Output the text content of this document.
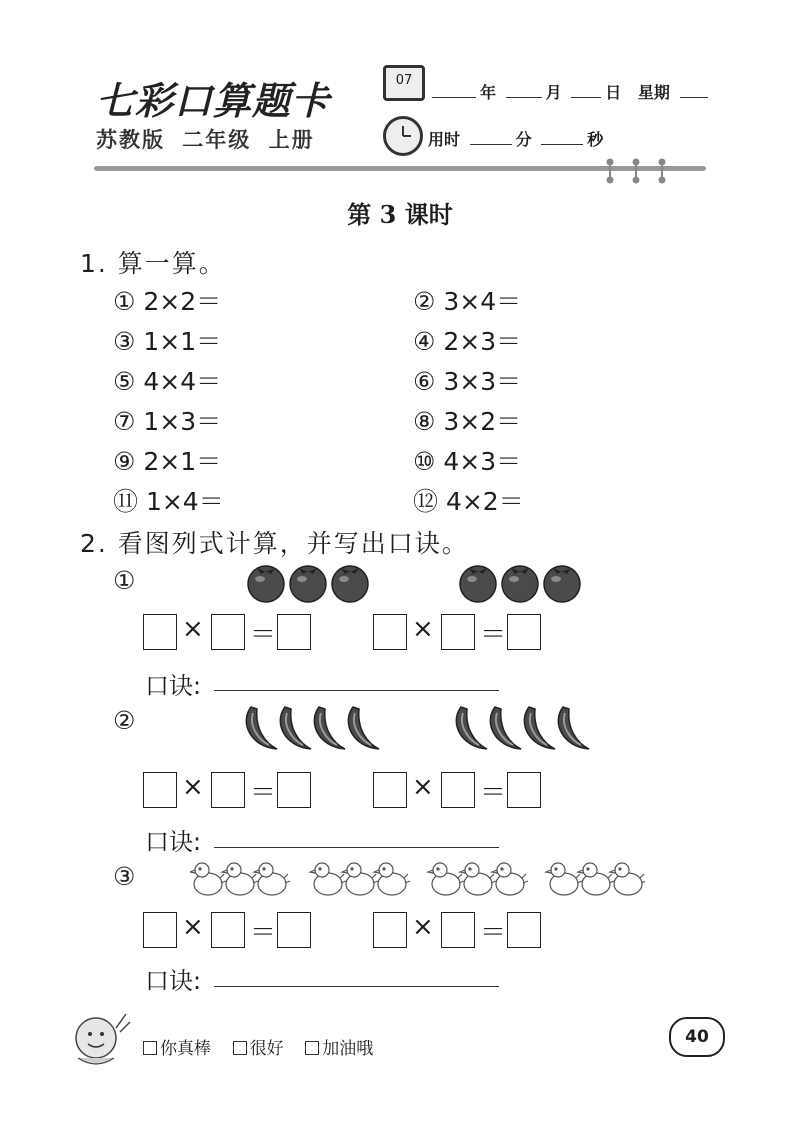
七彩口算题卡
苏教版 二年级 上册
07
年	月	日 星期
用时	分	秒
第 3 课时
1. 算一算。
① 2×2＝	② 3×4＝
③ 1×1＝	④ 2×3＝
⑤ 4×4＝	⑥ 3×3＝
⑦ 1×3＝	⑧ 3×2＝
⑨ 2×1＝	⑩ 4×3＝
⑪ 1×4＝	⑫ 4×2＝
2. 看图列式计算，并写出口诀。
①
× ＝	× ＝
口诀:
②
× ＝	× ＝
口诀:
③
× ＝	× ＝
口诀:
你真棒 很好 加油哦
40
